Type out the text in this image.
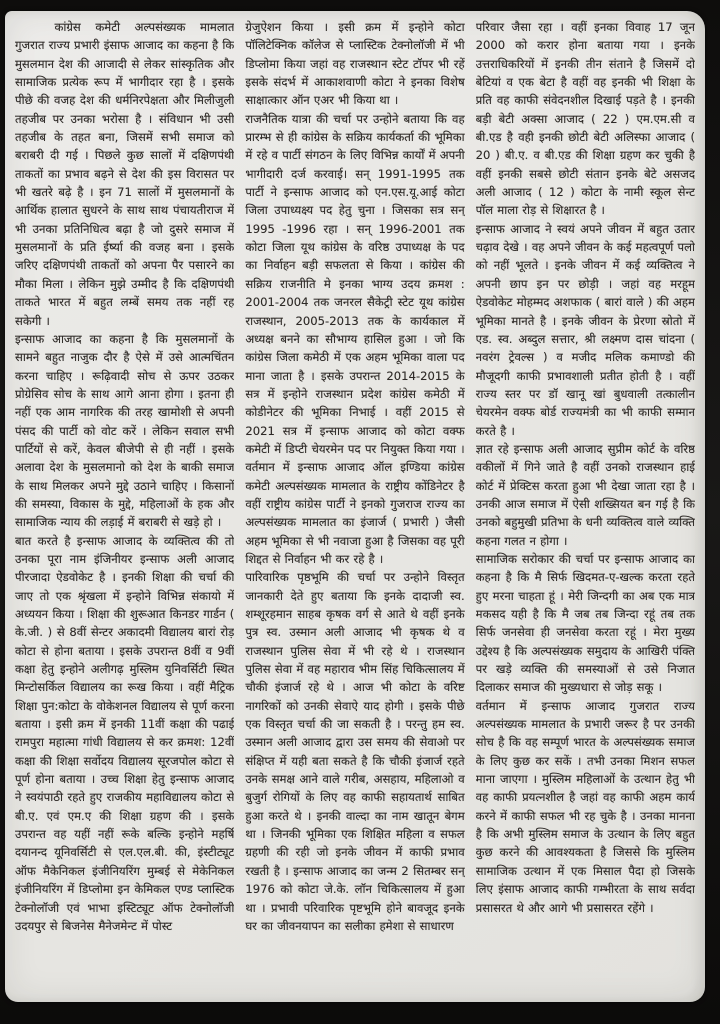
कांग्रेस कमेटी अल्पसंख्यक मामलात गुजरात राज्य प्रभारी इंसाफ आजाद का कहना है कि मुसलमान देश की आजादी से लेकर सांस्कृतिक और सामाजिक प्रत्येक रूप में भागीदार रहा है । इसके पीछे की वजह देश की धर्मनिरपेक्षता और मिलीजुली तहजीब पर उनका भरोसा है । संविधान भी उसी तहजीब के तहत बना, जिसमें सभी समाज को बराबरी दी गई । पिछले कुछ सालों में दक्षिणपंथी ताकतों का प्रभाव बढ़ने से देश की इस विरासत पर भी खतरे बढ़े है । इन 71 सालों में मुसलमानों के आर्थिक हालात सुधरने के साथ साथ पंचायतीराज में भी उनका प्रतिनिधित्व बढ़ा है जो दुसरे समाज में मुसलमानों के प्रति ईर्ष्या की वजह बना । इसके जरिए दक्षिणपंथी ताकतों को अपना पैर पसारने का मौका मिला । लेकिन मुझे उम्मीद है कि दक्षिणपंथी ताकते भारत में बहुत लम्बें समय तक नहीं रह सकेगी ।

इन्साफ आजाद का कहना है कि मुसलमानों के सामने बहुत नाजुक दौर है ऐसे में उसे आत्मचिंतन करना चाहिए । रूढ़िवादी सोच से ऊपर उठकर प्रोग्रेसिव सोच के साथ आगे आना होगा । इतना ही नहीं एक आम नागरिक की तरह खामोशी से अपनी पंसद की पार्टी को वोट करें । लेकिन सवाल सभी पार्टियों से करें, केवल बीजेपी से ही नहीं । इसके अलावा देश के मुसलमानो को देश के बाकी समाज के साथ मिलकर अपने मुद्दे उठाने चाहिए । किसानों की समस्या, विकास के मुद्दे, महिलाओं के हक और सामाजिक न्याय की लड़ाई में बराबरी से खड़े हो ।

बात करते है इन्साफ आजाद के व्यक्तित्व की तो उनका पूरा नाम इंजिनीयर इन्साफ अली आजाद पीरजादा ऐडवोकेट है । इनकी शिक्षा की चर्चा की जाए तो एक श्रृंखला में इन्होने विभिन्न संकायो में अध्ययन किया । शिक्षा की शुरूआत किनडर गार्डन ( के.जी. ) से 8वीं सेन्टर अकादमी विद्यालय बारां रोड़ कोटा से होना बताया । इसके उपरान्त 8वीं व 9वीं कक्षा हेतु इन्होने अलीगढ़ मुस्लिम युनिवर्सिटी स्थित मिन्टोसर्किल विद्यालय का रूख किया । वहीं मैट्रिक शिक्षा पुन:कोटा के वोकेशनल विद्यालय से पूर्ण करना बताया । इसी क्रम में इनकी 11वीं कक्षा की पढाई रामपुरा महात्मा गांधी विद्यालय से कर क्रमश: 12वीं कक्षा की शिक्षा सर्वोदय विद्यालय सूरजपोल कोटा से पूर्ण होना बताया । उच्च शिक्षा हेतु इन्साफ आजाद ने स्वयंपाठी रहते हुए राजकीय महाविद्यालय कोटा से बी.ए. एवं एम.ए की शिक्षा ग्रहण की । इसके उपरान्त वह यहीं नहीं रूके बल्कि इन्होने महर्षि दयानन्द यूनिवर्सिटी से एल.एल.बी. की, इंस्टीट्यूट ऑफ मैकेनिकल इंजीनियरिंग मुम्बई से मेकेनिकल इंजीनियरिंग में डिप्लोमा इन केमिकल एण्ड प्लास्टिक टेक्नोलॉजी एवं भाभा इस्टिट्यूट ऑफ टेक्नोलॉजी उदयपुर से बिजनेस मैनेजमेन्ट में पोस्ट

ग्रेजुऐशन किया । इसी क्रम में इन्होने कोटा पॉलिटेक्निक कॉलेज से प्लास्टिक टेक्नोलॉजी में भी डिप्लोमा किया जहां वह राजस्थान स्टेट टॉपर भी रहें इसके संदर्भ में आकाशवाणी कोटा ने इनका विशेष साक्षात्कार ऑन एअर भी किया था ।

राजनैतिक यात्रा की चर्चा पर उन्होने बताया कि वह प्रारम्भ से ही कांग्रेस के सक्रिय कार्यकर्ता की भूमिका में रहे व पार्टी संगठन के लिए विभिन्न कार्यों में अपनी भागीदारी दर्ज करवाई। सन् 1991-1995 तक पार्टी ने इन्साफ आजाद को एन.एस.यू.आई कोटा जिला उपाध्यक्ष्य पद हेतु चुना । जिसका सत्र सन् 1995 -1996 रहा । सन् 1996-2001 तक कोटा जिला यूथ कांग्रेस के वरिष्ठ उपाध्यक्ष के पद का निर्वाहन बड़ी सफलता से किया । कांग्रेस की सक्रिय राजनीति मे इनका भाग्य उदय क्रमश : 2001-2004 तक जनरल सैकेट्री स्टेट यूथ कांग्रेस राजस्थान, 2005-2013 तक के कार्यकाल में अध्यक्ष बनने का सौभाग्य हासिल हुआ । जो कि कांग्रेस जिला कमेठी में एक अहम भूमिका वाला पद माना जाता है । इसके उपरान्त 2014-2015 के सत्र में इन्होने राजस्थान प्रदेश कांग्रेस कमेठी में कोडीनेटर की भूमिका निभाई । वहीं 2015 से 2021 सत्र में इन्साफ आजाद को कोटा वक्फ कमेटी में डिप्टी चेयरमेन पद पर नियुक्त किया गया । वर्तमान में इन्साफ आजाद ऑल इण्डिया कांग्रेस कमेटी अल्पसंख्यक मामलात के राष्ट्रीय कोंडिनेटर है वहीं राष्ट्रीय कांग्रेस पार्टी ने इनको गुजराज राज्य का अल्पसंख्यक मामलात का इंजार्ज ( प्रभारी ) जैसी अहम भूमिका से भी नवाजा हुआ है जिसका वह पूरी शिद्दत से निर्वाहन भी कर रहे है ।

पारिवारिक पृष्ठभूमि की चर्चा पर उन्होने विस्तृत जानकारी देते हुए बताया कि इनके दादाजी स्व. शम्शूरहमान साहब कृषक वर्ग से आते थे वहीं इनके पुत्र स्व. उस्मान अली आजाद भी कृषक थे व राजस्थान पुलिस सेवा में भी रहे थे । राजस्थान पुलिस सेवा में वह महाराव भीम सिंह चिकित्सालय में चौकी इंजार्ज रहे थे । आज भी कोटा के वरिष्ट नागरिकों को उनकी सेवाऐ याद होगी । इसके पीछे एक विस्तृत चर्चा की जा सकती है । परन्तु हम स्व. उस्मान अली आजाद द्वारा उस समय की सेवाओ पर संक्षिप्त में यही बता सकते है कि चौकी इंजार्ज रहते उनके समक्ष आने वाले गरीब, असहाय, महिलाओ व बुजुर्ग रोगियों के लिए वह काफी सहायतार्थ साबित हुआ करते थे । इनकी वाल्दा का नाम खातून बेगम था । जिनकी भूमिका एक शिक्षित महिला व सफल ग्रहणी की रही जो इनके जीवन में काफी प्रभाव रखती है । इन्साफ आजाद का जन्म 2 सितम्बर सन् 1976 को कोटा जे.के. लॉन चिकित्सालय में हुआ था । प्रभावी परिवारिक पृष्टभूमि होने बावजूद इनके घर का जीवनयापन का सलीका हमेशा से साधारण

परिवार जैसा रहा । वहीं इनका विवाह 17 जून 2000 को करार होना बताया गया । इनके उत्तराधिकरियों में इनकी तीन संताने है जिसमें दो बेटियां व एक बेटा है वहीं वह इनकी भी शिक्षा के प्रति वह काफी संवेदनशील दिखाई पड़ते है । इनकी बड़ी बेटी अक्सा आजाद ( 22 ) एम.एम.सी व बी.एड है वही इनकी छोटी बेटी अलिस्फा आजाद ( 20 ) बी.ए. व बी.एड की शिक्षा ग्रहण कर चुकी है वहीं इनकी सबसे छोटी संतान इनके बेटे असजद अली आजाद ( 12 ) कोटा के नामी स्कूल सेन्ट पॉल माला रोड़ से शिक्षारत है ।

इन्साफ आजाद ने स्वयं अपने जीवन में बहुत उतार चढ़ाव देखे । वह अपने जीवन के कई महत्वपूर्ण पलो को नहीं भूलते । इनके जीवन में कई व्यक्तित्व ने अपनी छाप इन पर छोड़ी । जहां वह मरहूम ऐडवोकेट मोहम्मद अशफाक ( बारां वाले ) की अहम भूमिका मानते है । इनके जीवन के प्रेरणा स्रोतो में एड. स्व. अब्दुल सत्तार, श्री लक्ष्मण दास चांदना ( नवरंग ट्रेवल्स ) व मजीद मलिक कमाण्डो की मौजूदगी काफी प्रभावशाली प्रतीत होती है । वहीं राज्य स्तर पर डॉ खानू खां बुधवाली तत्कालीन चेयरमेन वक्फ बोर्ड राज्यमंत्री का भी काफी सम्मान करते है ।

ज्ञात रहे इन्साफ अली आजाद सुप्रीम कोर्ट के वरिष्ठ वकीलों में गिने जाते है वहीं उनको राजस्थान हाई कोर्ट में प्रेक्टिस करता हुआ भी देखा जाता रहा है । उनकी आज समाज में ऐसी शख्सियत बन गई है कि उनको बहुमुखी प्रतिभा के धनी व्यक्तित्व वाले व्यक्ति कहना गलत न होगा ।

सामाजिक सरोकार की चर्चा पर इन्साफ आजाद का कहना है कि मै सिर्फ खिदमत-ए-खल्क करता रहते हुए मरना चाहता हूं । मेरी जिन्दगी का अब एक मात्र मकसद यही है कि मै जब तब जिन्दा रहूं तब तक सिर्फ जनसेवा ही जनसेवा करता रहूं । मेरा मुख्य उद्देश्य है कि अल्पसंख्यक समुदाय के आखिरी पंक्ति पर खड़े व्यक्ति की समस्याओं से उसे निजात दिलाकर समाज की मुख्यधारा से जोड़ सकू ।

वर्तमान में इन्साफ आजाद गुजरात राज्य अल्पसंख्यक मामलात के प्रभारी जरूर है पर उनकी सोच है कि वह सम्पूर्ण भारत के अल्पसंख्यक समाज के लिए कुछ कर सकें । तभी उनका मिशन सफल माना जाएगा । मुस्लिम महिलाओं के उत्थान हेतु भी वह काफी प्रयत्नशील है जहां वह काफी अहम कार्य करने में काफी सफल भी रह चुके है । उनका मानना है कि अभी मुस्लिम समाज के उत्थान के लिए बहुत कुछ करने की आवश्यकता है जिससे कि मुस्लिम सामाजिक उत्थान में एक मिसाल पैदा हो जिसके लिए इंसाफ आजाद काफी गम्भीरता के साथ सर्वदा प्रसासरत थे और आगे भी प्रसासरत रहेंगे ।
